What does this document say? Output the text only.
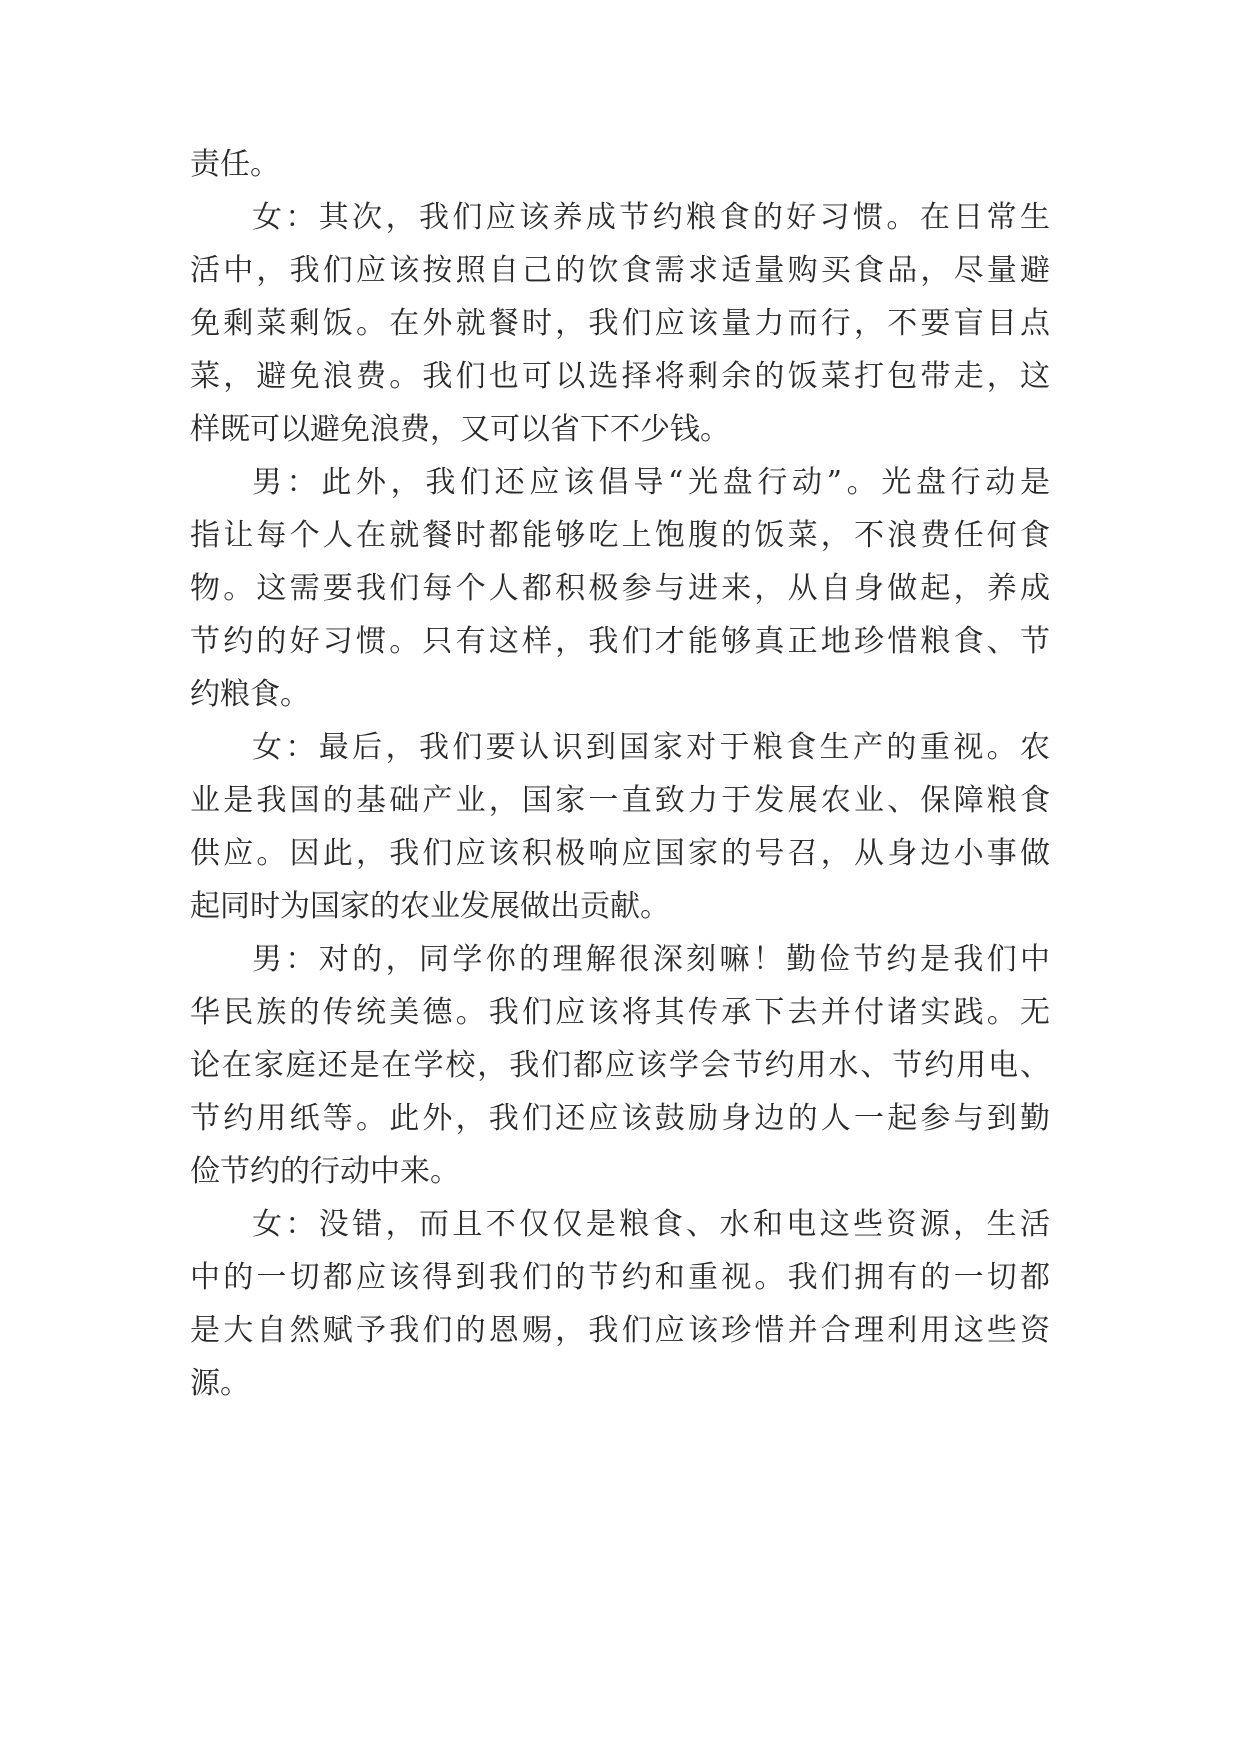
责任。
女：其次，我们应该养成节约粮食的好习惯。在日常生
活中，我们应该按照自己的饮食需求适量购买食品，尽量避
免剩菜剩饭。在外就餐时，我们应该量力而行，不要盲目点
菜，避免浪费。我们也可以选择将剩余的饭菜打包带走，这
样既可以避免浪费，又可以省下不少钱。
男：此外，我们还应该倡导“光盘行动”。光盘行动是
指让每个人在就餐时都能够吃上饱腹的饭菜，不浪费任何食
物。这需要我们每个人都积极参与进来，从自身做起，养成
节约的好习惯。只有这样，我们才能够真正地珍惜粮食、节
约粮食。
女：最后，我们要认识到国家对于粮食生产的重视。农
业是我国的基础产业，国家一直致力于发展农业、保障粮食
供应。因此，我们应该积极响应国家的号召，从身边小事做
起同时为国家的农业发展做出贡献。
男：对的，同学你的理解很深刻嘛！勤俭节约是我们中
华民族的传统美德。我们应该将其传承下去并付诸实践。无
论在家庭还是在学校，我们都应该学会节约用水、节约用电、
节约用纸等。此外，我们还应该鼓励身边的人一起参与到勤
俭节约的行动中来。
女：没错，而且不仅仅是粮食、水和电这些资源，生活
中的一切都应该得到我们的节约和重视。我们拥有的一切都
是大自然赋予我们的恩赐，我们应该珍惜并合理利用这些资
源。
